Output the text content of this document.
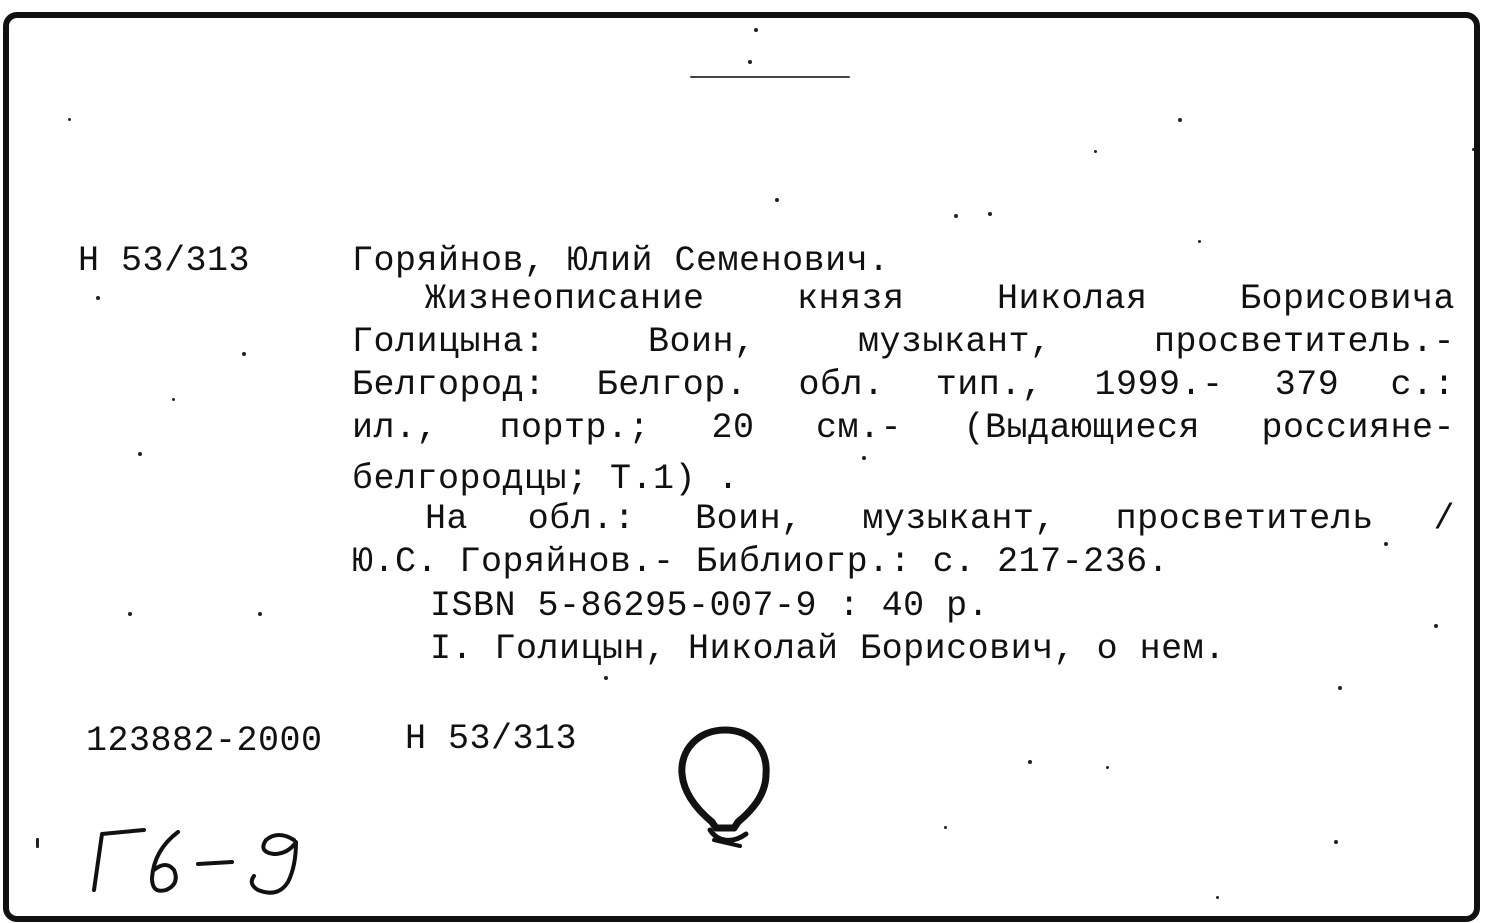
Н 53/313	Горяйнов, Юлий Семенович.
Жизнеописание князя Николая Борисовича
Голицына: Воин, музыкант, просветитель.-
Белгород: Белгор. обл. тип., 1999.- 379 с.:
ил., портр.; 20 см.- (Выдающиеся россияне-
белгородцы; Т.1) .
На обл.: Воин, музыкант, просветитель /
Ю.С. Горяйнов.- Библиогр.: с. 217-236.
ISBN 5-86295-007-9 : 40 р.
I. Голицын, Николай Борисович, о нем.
123882-2000 Н 53/313
